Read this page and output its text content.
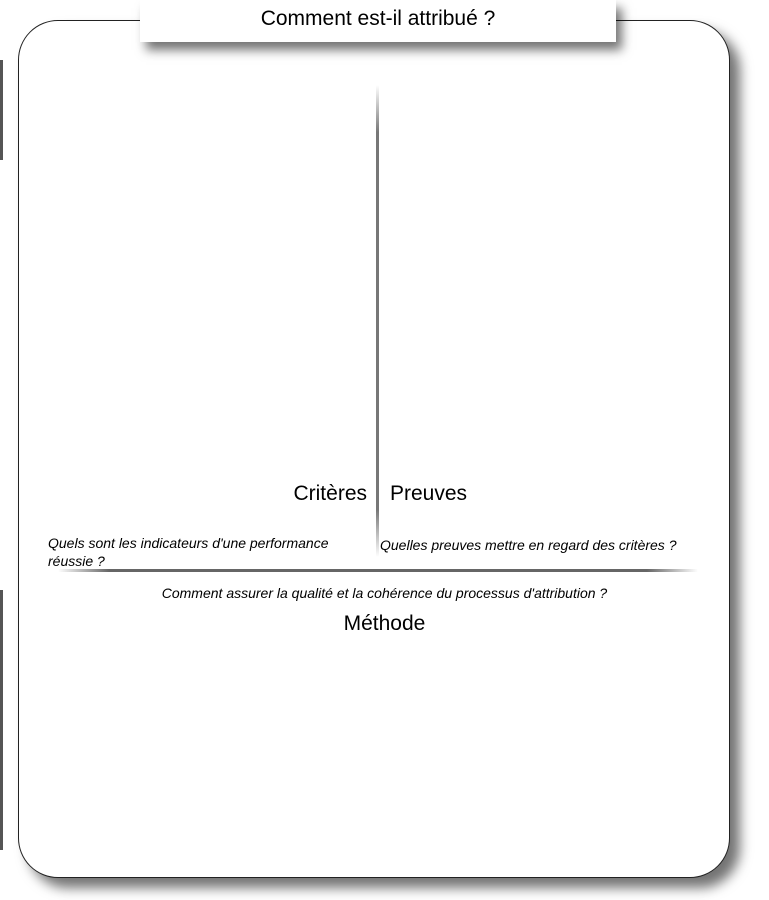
Comment est-il attribué ?
Critères Preuves
Quels sont les indicateurs d'une performance réussie ?
Quelles preuves mettre en regard des critères ?
Comment assurer la qualité et la cohérence du processus d'attribution ?
Méthode
